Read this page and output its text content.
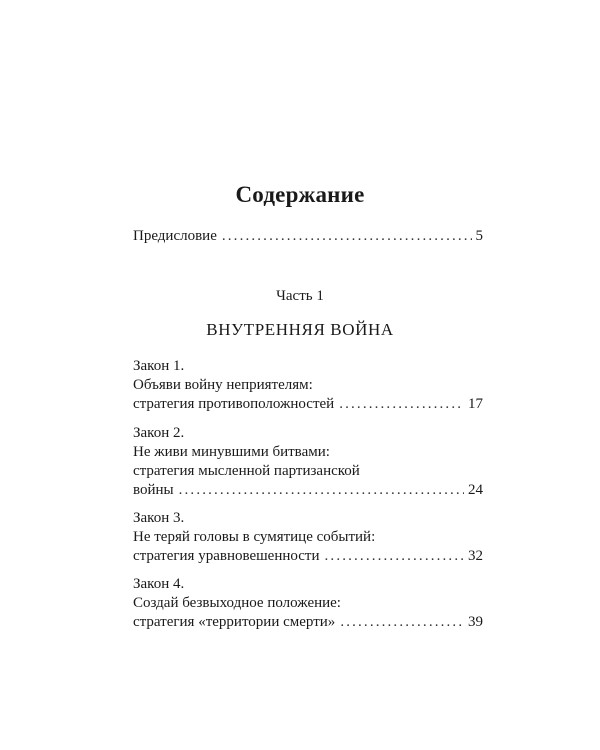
Содержание
Предисловие . . .	5
Часть 1
ВНУТРЕННЯЯ ВОЙНА
Закон 1.
Объяви войну неприятелям:
стратегия противоположностей . . .	17
Закон 2.
Не живи минувшими битвами:
стратегия мысленной партизанской
войны . . .	24
Закон 3.
Не теряй головы в сумятице событий:
стратегия уравновешенности . . .	32
Закон 4.
Создай безвыходное положение:
стратегия «территории смерти» . . .	39
